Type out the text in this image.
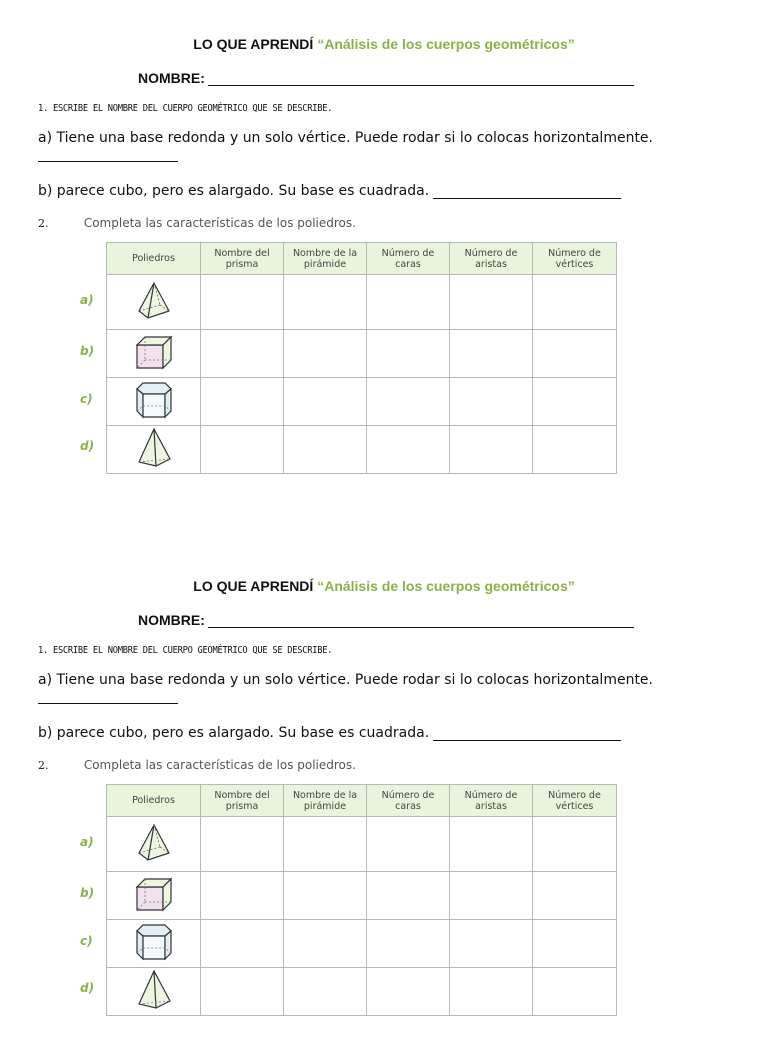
LO QUE APRENDÍ “Análisis de los cuerpos geométricos”
NOMBRE:
1. ESCRIBE EL NOMBRE DEL CUERPO GEOMÉTRICO QUE SE DESCRIBE.
a) Tiene una base redonda y un solo vértice. Puede rodar si lo colocas horizontalmente.
b) parece cubo, pero es alargado. Su base es cuadrada.
2.	Completa las características de los poliedros.
Poliedros	Nombre del prisma	Nombre de la pirámide	Número de caras	Número de aristas	Número de vértices

a)
b)
c)
d)
LO QUE APRENDÍ “Análisis de los cuerpos geométricos”
NOMBRE:
1. ESCRIBE EL NOMBRE DEL CUERPO GEOMÉTRICO QUE SE DESCRIBE.
a) Tiene una base redonda y un solo vértice. Puede rodar si lo colocas horizontalmente.
b) parece cubo, pero es alargado. Su base es cuadrada.
2.	Completa las características de los poliedros.
Poliedros	Nombre del prisma	Nombre de la pirámide	Número de caras	Número de aristas	Número de vértices

a)
b)
c)
d)
